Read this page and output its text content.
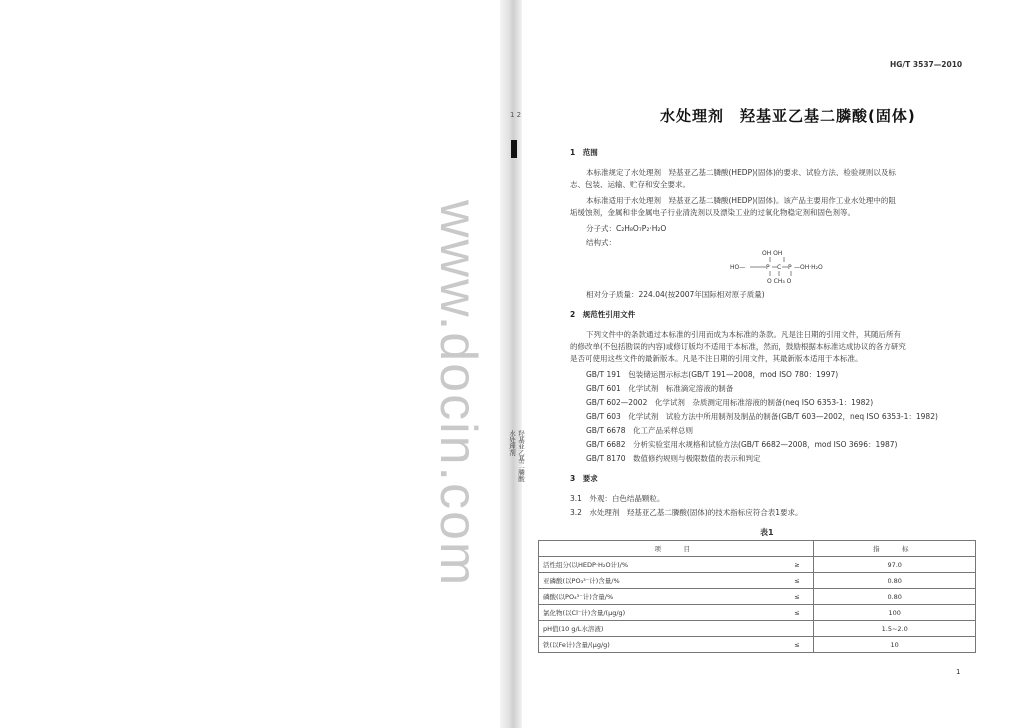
1 2
水处理剂 羟基亚乙基二膦酸
www.docin.com
HG/T 3537—2010
水处理剂　羟基亚乙基二膦酸(固体)
1　范围
本标准规定了水处理剂　羟基亚乙基二膦酸(HEDP)(固体)的要求、试验方法、检验规则以及标
志、包装、运输、贮存和安全要求。
本标准适用于水处理剂　羟基亚乙基二膦酸(HEDP)(固体)。该产品主要用作工业水处理中的阻
垢缓蚀剂，金属和非金属电子行业清洗剂以及漂染工业的过氧化物稳定剂和固色剂等。
分子式：C₂H₈O₇P₂·H₂O
结构式：
OH OH
HO—	P C P —OH·H₂O
O CH₃ O
相对分子质量：224.04(按2007年国际相对原子质量)
2　规范性引用文件
下列文件中的条款通过本标准的引用而成为本标准的条款。凡是注日期的引用文件，其随后所有
的修改单(不包括勘误的内容)或修订版均不适用于本标准，然而，鼓励根据本标准达成协议的各方研究
是否可使用这些文件的最新版本。凡是不注日期的引用文件，其最新版本适用于本标准。
GB/T 191　包装储运图示标志(GB/T 191—2008，mod ISO 780：1997)
GB/T 601　化学试剂　标准滴定溶液的制备
GB/T 602—2002　化学试剂　杂质测定用标准溶液的制备(neq ISO 6353-1：1982)
GB/T 603　化学试剂　试验方法中所用制剂及制品的制备(GB/T 603—2002，neq ISO 6353-1：1982)
GB/T 6678　化工产品采样总则
GB/T 6682　分析实验室用水规格和试验方法(GB/T 6682—2008，mod ISO 3696：1987)
GB/T 8170　数值修约规则与极限数值的表示和判定
3　要求
3.1　外观：白色结晶颗粒。
3.2　水处理剂　羟基亚乙基二膦酸(固体)的技术指标应符合表1要求。
表1
项　目		指　标
活性组分(以HEDP·H₂O计)/%	≥	97.0
亚磷酸(以PO₃³⁻计)含量/%	≤	0.80
磷酸(以PO₄³⁻计)含量/%	≤	0.80
氯化物(以Cl⁻计)含量/(μg/g)	≤	100
pH值(10 g/L水溶液)		1.5~2.0
铁(以Fe计)含量/(μg/g)	≤	10
1
